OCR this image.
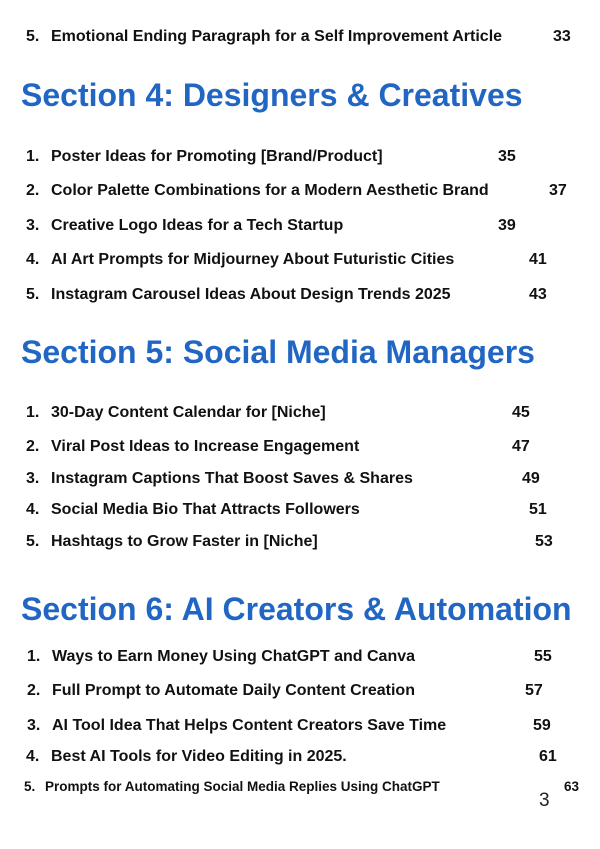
5. Emotional Ending Paragraph for a Self Improvement Article	33
Section 4: Designers & Creatives
1. Poster Ideas for Promoting [Brand/Product]	35
2. Color Palette Combinations for a Modern Aesthetic Brand	37
3. Creative Logo Ideas for a Tech Startup	39
4. AI Art Prompts for Midjourney About Futuristic Cities	41
5. Instagram Carousel Ideas About Design Trends 2025	43
Section 5: Social Media Managers
1. 30-Day Content Calendar for [Niche]	45
2. Viral Post Ideas to Increase Engagement	47
3. Instagram Captions That Boost Saves & Shares	49
4. Social Media Bio That Attracts Followers	51
5. Hashtags to Grow Faster in [Niche]	53
Section 6: AI Creators & Automation
1. Ways to Earn Money Using ChatGPT and Canva	55
2. Full Prompt to Automate Daily Content Creation	57
3. AI Tool Idea That Helps Content Creators Save Time	59
4. Best AI Tools for Video Editing in 2025.	61
5. Prompts for Automating Social Media Replies Using ChatGPT	63
3
